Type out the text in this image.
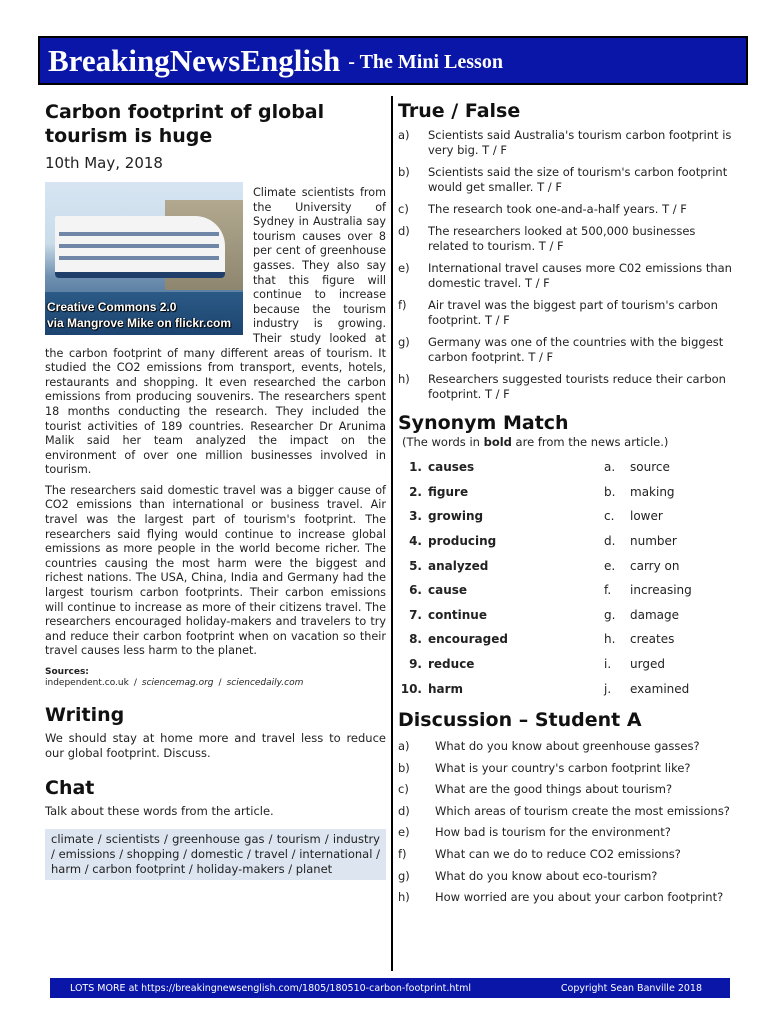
BreakingNewsEnglish - The Mini Lesson
Carbon footprint of global tourism is huge
10th May, 2018
Creative Commons 2.0
via Mangrove Mike on flickr.com

Climate scientists from the University of Sydney in Australia say tourism causes over 8 per cent of greenhouse gasses. They also say that this figure will continue to increase because the tourism industry is growing. Their study looked at the carbon footprint of many different areas of tourism. It studied the CO2 emissions from transport, events, hotels, restaurants and shopping. It even researched the carbon emissions from producing souvenirs. The researchers spent 18 months conducting the research. They included the tourist activities of 189 countries. Researcher Dr Arunima Malik said her team analyzed the impact on the environment of over one million businesses involved in tourism.

The researchers said domestic travel was a bigger cause of CO2 emissions than international or business travel. Air travel was the largest part of tourism's footprint. The researchers said flying would continue to increase global emissions as more people in the world become richer. The countries causing the most harm were the biggest and richest nations. The USA, China, India and Germany had the largest tourism carbon footprints. Their carbon emissions will continue to increase as more of their citizens travel. The researchers encouraged holiday-makers and travelers to try and reduce their carbon footprint when on vacation so their travel causes less harm to the planet.

Sources:
independent.co.uk / sciencemag.org / sciencedaily.com
Writing
We should stay at home more and travel less to reduce our global footprint. Discuss.
Chat
Talk about these words from the article.
climate / scientists / greenhouse gas / tourism / industry / emissions / shopping / domestic / travel / international / harm / carbon footprint / holiday-makers / planet
True / False
a)	Scientists said Australia's tourism carbon footprint is very big. T / F
b)	Scientists said the size of tourism's carbon footprint would get smaller. T / F
c)	The research took one-and-a-half years. T / F
d)	The researchers looked at 500,000 businesses related to tourism. T / F
e)	International travel causes more C02 emissions than domestic travel. T / F
f)	Air travel was the biggest part of tourism's carbon footprint. T / F
g)	Germany was one of the countries with the biggest carbon footprint. T / F
h)	Researchers suggested tourists reduce their carbon footprint. T / F
Synonym Match
(The words in bold are from the news article.)
1. causes	a.	source
2. figure	b.	making
3. growing	c.	lower
4. producing	d.	number
5. analyzed	e.	carry on
6. cause	f.	increasing
7. continue	g.	damage
8. encouraged	h.	creates
9. reduce	i.	urged
10. harm	j.	examined
Discussion – Student A
a)	What do you know about greenhouse gasses?
b)	What is your country's carbon footprint like?
c)	What are the good things about tourism?
d)	Which areas of tourism create the most emissions?
e)	How bad is tourism for the environment?
f)	What can we do to reduce CO2 emissions?
g)	What do you know about eco-tourism?
h)	How worried are you about your carbon footprint?
LOTS MORE at https://breakingnewsenglish.com/1805/180510-carbon-footprint.html	Copyright Sean Banville 2018
